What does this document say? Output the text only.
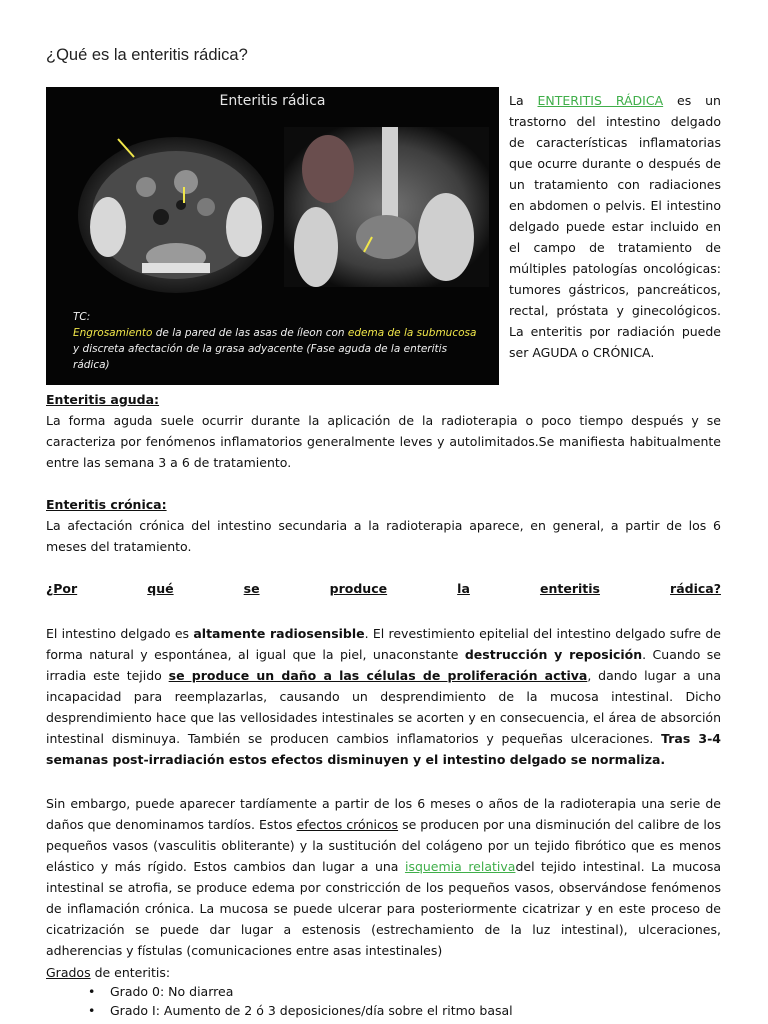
¿Qué es la enteritis rádica?
Enteritis rádica
TC:
Engrosamiento de la pared de las asas de íleon con edema de la submucosa y discreta afectación de la grasa adyacente (Fase aguda de la enteritis rádica)
La ENTERITIS RÁDICA es un trastorno del intestino delgado de características inflamatorias que ocurre durante o después de un tratamiento con radiaciones en abdomen o pelvis. El intestino delgado puede estar incluido en el campo de tratamiento de múltiples patologías oncológicas: tumores gástricos, pancreáticos, rectal, próstata y ginecológicos. La enteritis por radiación puede ser AGUDA o CRÓNICA.
Enteritis aguda:
La forma aguda suele ocurrir durante la aplicación de la radioterapia o poco tiempo después y se caracteriza por fenómenos inflamatorios generalmente leves y autolimitados.Se manifiesta habitualmente entre las semana 3 a 6 de tratamiento.
Enteritis crónica:
La afectación crónica del intestino secundaria a la radioterapia aparece, en general, a partir de los 6 meses del tratamiento.
¿Por	qué	se	produce	la	enteritis	rádica?
El intestino delgado es altamente radiosensible. El revestimiento epitelial del intestino delgado sufre de forma natural y espontánea, al igual que la piel, unaconstante destrucción y reposición. Cuando se irradia este tejido se produce un daño a las células de proliferación activa, dando lugar a una incapacidad para reemplazarlas, causando un desprendimiento de la mucosa intestinal. Dicho desprendimiento hace que las vellosidades intestinales se acorten y en consecuencia, el área de absorción intestinal disminuya. También se producen cambios inflamatorios y pequeñas ulceraciones. Tras 3-4 semanas post-irradiación estos efectos disminuyen y el intestino delgado se normaliza.
Sin embargo, puede aparecer tardíamente a partir de los 6 meses o años de la radioterapia una serie de daños que denominamos tardíos. Estos efectos crónicos se producen por una disminución del calibre de los pequeños vasos (vasculitis obliterante) y la sustitución del colágeno por un tejido fibrótico que es menos elástico y más rígido. Estos cambios dan lugar a una isquemia relativadel tejido intestinal. La mucosa intestinal se atrofia, se produce edema por constricción de los pequeños vasos, observándose fenómenos de inflamación crónica. La mucosa se puede ulcerar para posteriormente cicatrizar y en este proceso de cicatrización se puede dar lugar a estenosis (estrechamiento de la luz intestinal), ulceraciones, adherencias y fístulas (comunicaciones entre asas intestinales)
Grados de enteritis:
• Grado 0: No diarrea
• Grado I: Aumento de 2 ó 3 deposiciones/día sobre el ritmo basal
